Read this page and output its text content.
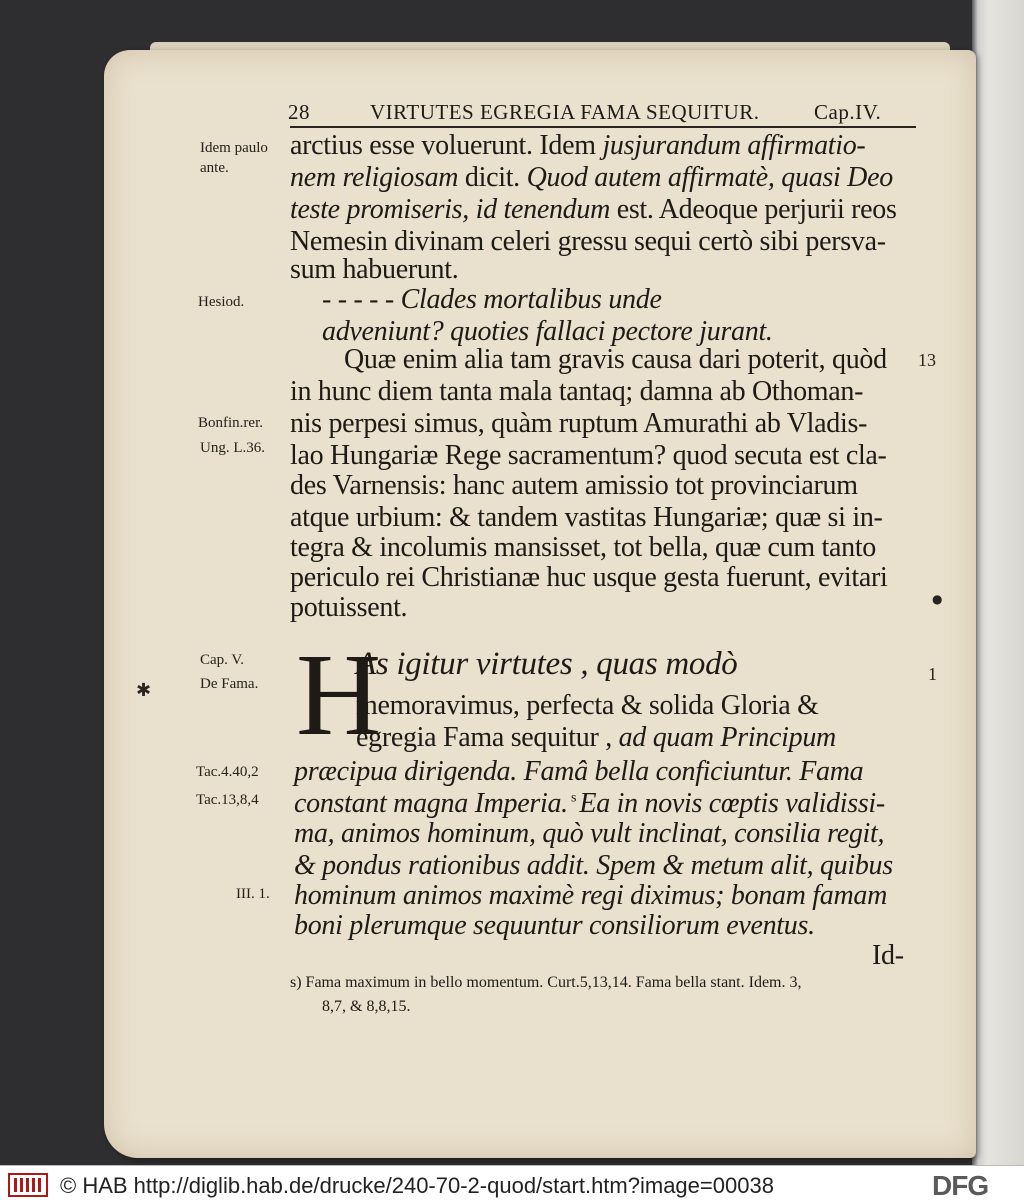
28	VIRTUTES EGREGIA FAMA SEQUITUR.	Cap.IV.
Idem paulo
ante.
Hesiod.
Bonfin.rer.
Ung. L.36.
Cap. V.
De Fama.
Tac.4.40,2
Tac.13,8,4
III. 1.
13
1
✱
●
arctius esse voluerunt. Idem jusjurandum affirmatio-
nem religiosam dicit. Quod autem affirmatè, quasi Deo
teste promiseris, id tenendum est. Adeoque perjurii reos
Nemesin divinam celeri gressu sequi certò sibi persva-
sum habuerunt.
- - - - - Clades mortalibus unde
adveniunt? quoties fallaci pectore jurant.
Quæ enim alia tam gravis causa dari poterit, quòd
in hunc diem tanta mala tantaq; damna ab Othoman-
nis perpesi simus, quàm ruptum Amurathi ab Vladis-
lao Hungariæ Rege sacramentum? quod secuta est cla-
des Varnensis: hanc autem amissio tot provinciarum
atque urbium: & tandem vastitas Hungariæ; quæ si in-
tegra & incolumis mansisset, tot bella, quæ cum tanto
periculo rei Christianæ huc usque gesta fuerunt, evitari
potuissent.
H
As igitur virtutes , quas modò
memoravimus, perfecta & solida Gloria &
egregia Fama sequitur , ad quam Principum
præcipua dirigenda. Famâ bella conficiuntur. Fama
constant magna Imperia. $^s$ Ea in novis cœptis validissi-
ma, animos hominum, quò vult inclinat, consilia regit,
& pondus rationibus addit. Spem & metum alit, quibus
hominum animos maximè regi diximus; bonam famam
boni plerumque sequuntur consiliorum eventus.
Id-
s) Fama maximum in bello momentum. Curt.5,13,14. Fama bella stant. Idem. 3,
8,7, & 8,8,15.
© HAB http://diglib.hab.de/drucke/240-70-2-quod/start.htm?image=00038	DFG
